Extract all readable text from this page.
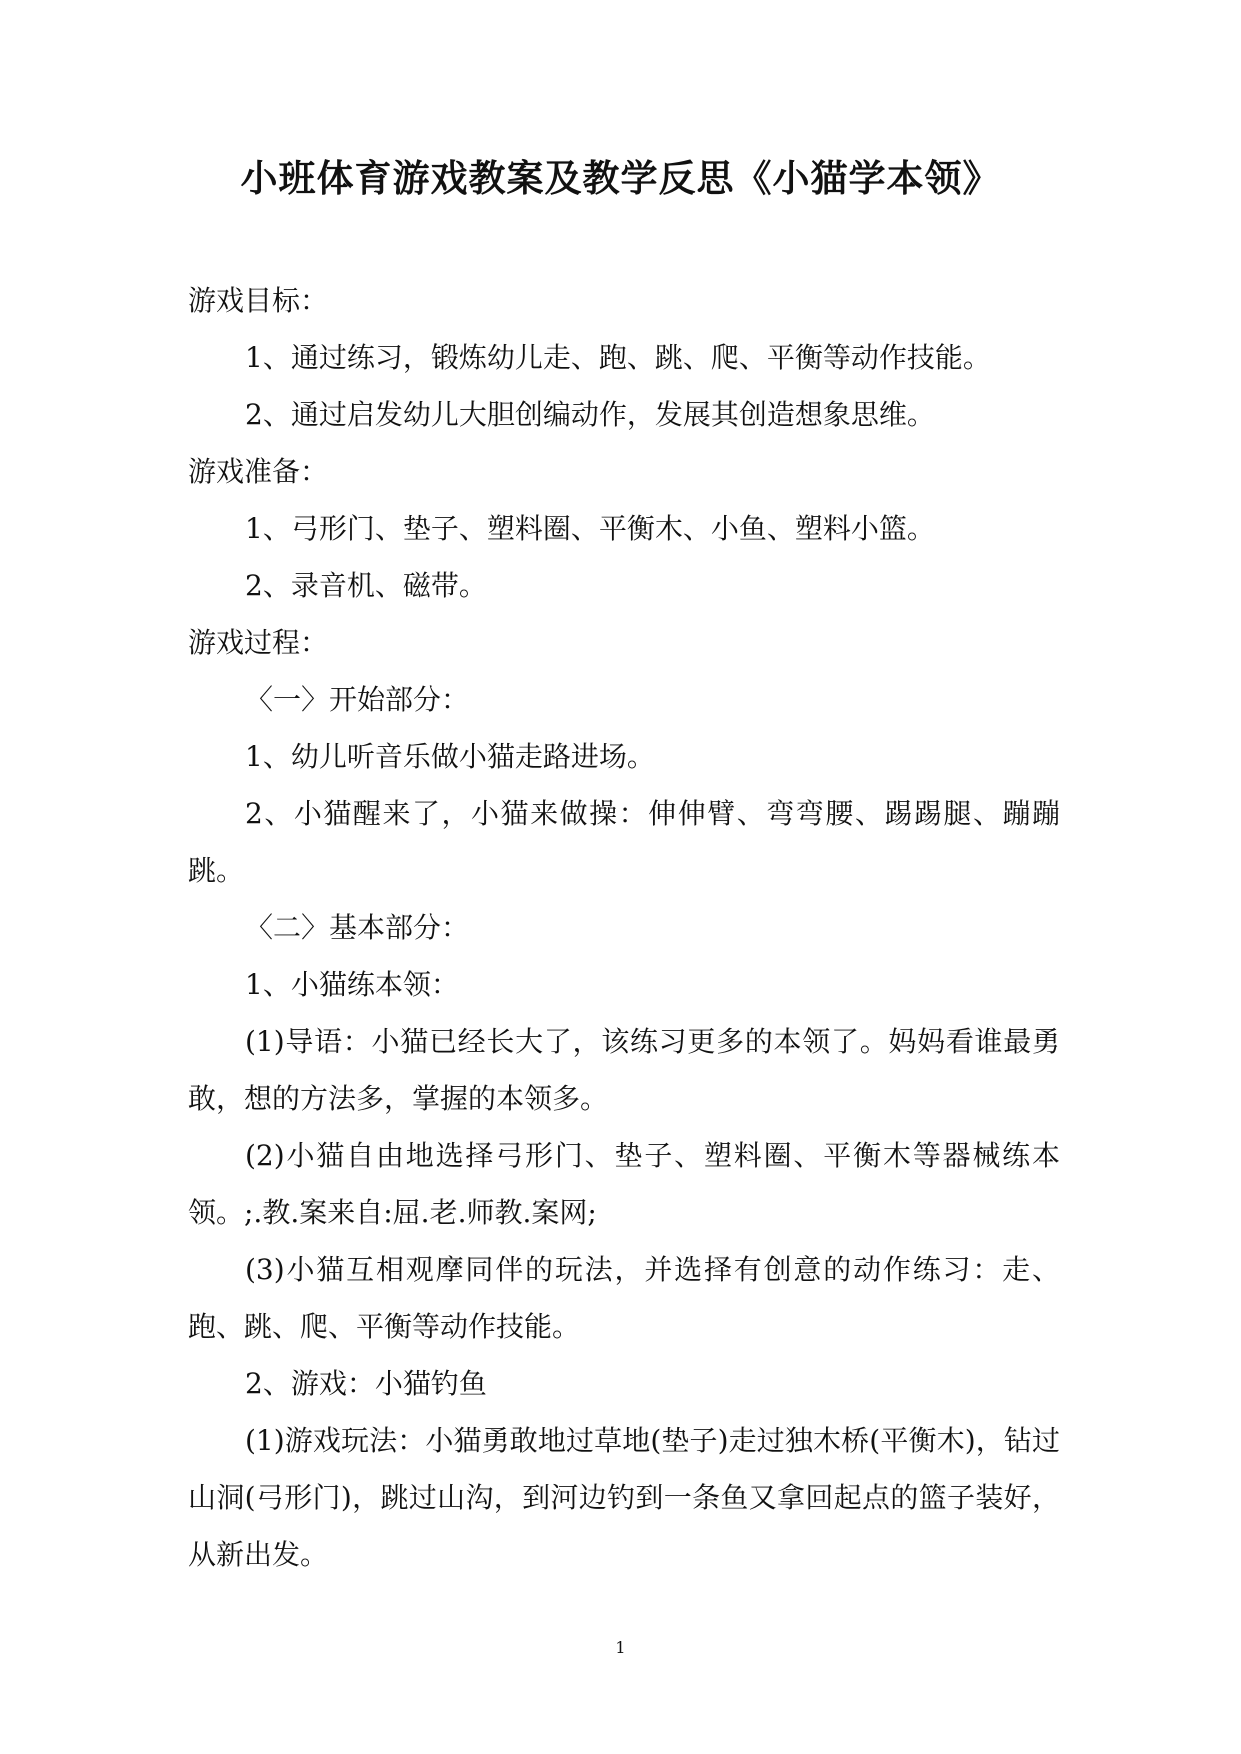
小班体育游戏教案及教学反思《小猫学本领》

游戏目标：

1、通过练习，锻炼幼儿走、跑、跳、爬、平衡等动作技能。

2、通过启发幼儿大胆创编动作，发展其创造想象思维。

游戏准备：

1、弓形门、垫子、塑料圈、平衡木、小鱼、塑料小篮。

2、录音机、磁带。

游戏过程：

〈一〉开始部分：

1、幼儿听音乐做小猫走路进场。

2、小猫醒来了，小猫来做操：伸伸臂、弯弯腰、踢踢腿、蹦蹦跳。

〈二〉基本部分：

1、小猫练本领：

(1)导语：小猫已经长大了，该练习更多的本领了。妈妈看谁最勇敢，想的方法多，掌握的本领多。

(2)小猫自由地选择弓形门、垫子、塑料圈、平衡木等器械练本领。;.教.案来自:屈.老.师教.案网;

(3)小猫互相观摩同伴的玩法，并选择有创意的动作练习：走、跑、跳、爬、平衡等动作技能。

2、游戏：小猫钓鱼

(1)游戏玩法：小猫勇敢地过草地(垫子)走过独木桥(平衡木)，钻过山洞(弓形门)，跳过山沟，到河边钓到一条鱼又拿回起点的篮子装好，从新出发。

1
